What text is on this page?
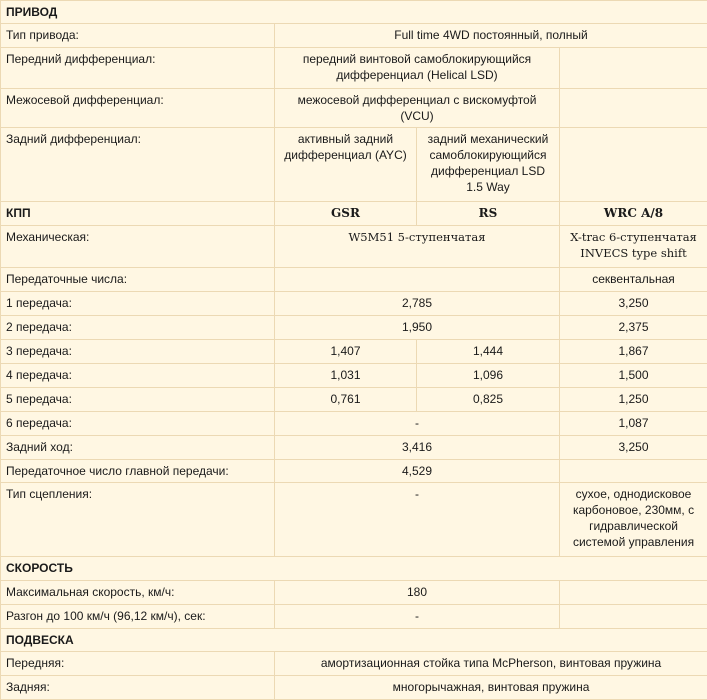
ПРИВОД			
Тип привода:	Full time 4WD постоянный, полный		
Передний дифференциал:	передний винтовой самоблокирующийся дифференциал (Helical LSD)		
Межосевой дифференциал:	межосевой дифференциал с вискомуфтой (VCU)		
Задний дифференциал:	активный задний дифференциал (AYC)	задний механический самоблокирующийся дифференциал LSD 1.5 Way	
КПП	GSR	RS	WRC A/8
Механическая:	W5M51 5-ступенчатая		X-trac 6-ступенчатая INVECS type shift
Передаточные числа:			секвентальная
1 передача:	2,785		3,250
2 передача:	1,950		2,375
3 передача:	1,407	1,444	1,867
4 передача:	1,031	1,096	1,500
5 передача:	0,761	0,825	1,250
6 передача:	-		1,087
Задний ход:	3,416		3,250
Передаточное число главной передачи:	4,529		
Тип сцепления:	-		сухое, однодисковое карбоновое, 230мм, с гидравлической системой управления
СКОРОСТЬ			
Максимальная скорость, км/ч:	180		
Разгон до 100 км/ч (96,12 км/ч), сек:	-		
ПОДВЕСКА			
Передняя:	амортизационная стойка типа McPherson, винтовая пружина		
Задняя:	многорычажная, винтовая пружина		
